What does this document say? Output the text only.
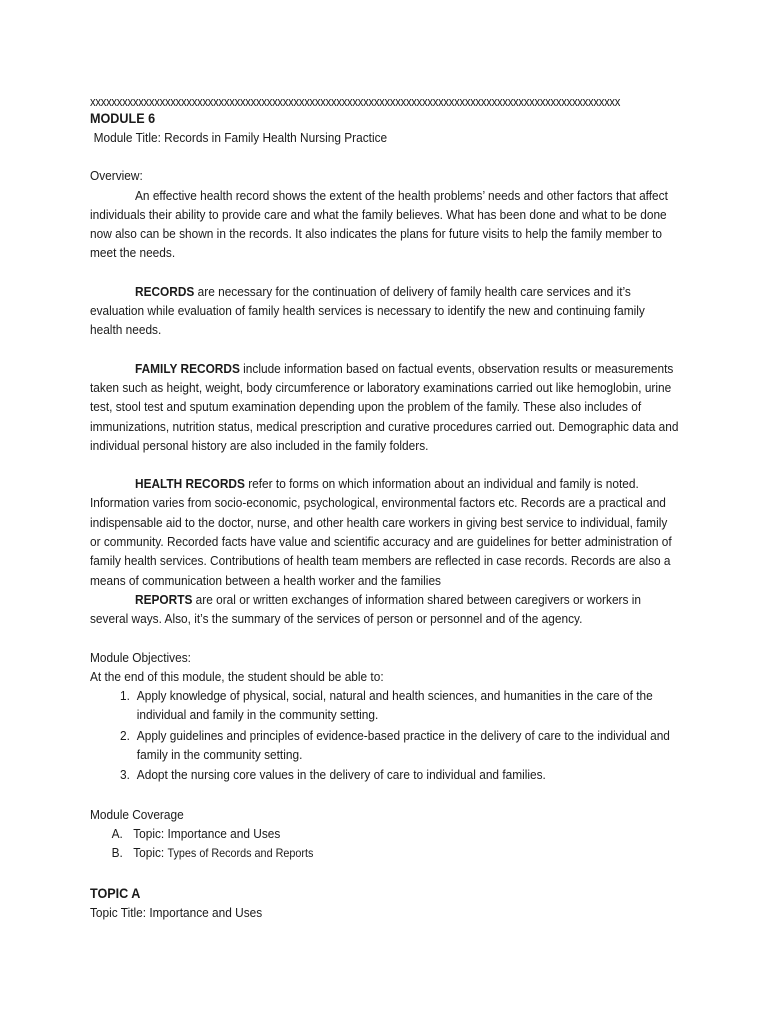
xxxxxxxxxxxxxxxxxxxxxxxxxxxxxxxxxxxxxxxxxxxxxxxxxxxxxxxxxxxxxxxxxxxxxxxxxxxxxxxxxxxxxxxxxxxxxxxxxxx
MODULE 6
Module Title: Records in Family Health Nursing Practice
Overview:

An effective health record shows the extent of the health problems’ needs and other factors that affect individuals their ability to provide care and what the family believes. What has been done and what to be done now also can be shown in the records. It also indicates the plans for future visits to help the family member to meet the needs.

RECORDS are necessary for the continuation of delivery of family health care services and it’s evaluation while evaluation of family health services is necessary to identify the new and continuing family health needs.

FAMILY RECORDS include information based on factual events, observation results or measurements taken such as height, weight, body circumference or laboratory examinations carried out like hemoglobin, urine test, stool test and sputum examination depending upon the problem of the family. These also includes of immunizations, nutrition status, medical prescription and curative procedures carried out. Demographic data and individual personal history are also included in the family folders.

HEALTH RECORDS refer to forms on which information about an individual and family is noted. Information varies from socio-economic, psychological, environmental factors etc. Records are a practical and indispensable aid to the doctor, nurse, and other health care workers in giving best service to individual, family or community. Recorded facts have value and scientific accuracy and are guidelines for better administration of family health services. Contributions of health team members are reflected in case records. Records are also a means of communication between a health worker and the families

REPORTS are oral or written exchanges of information shared between caregivers or workers in several ways. Also, it’s the summary of the services of person or personnel and of the agency.

Module Objectives:
At the end of this module, the student should be able to:
1. Apply knowledge of physical, social, natural and health sciences, and humanities in the care of the individual and family in the community setting.
2. Apply guidelines and principles of evidence-based practice in the delivery of care to the individual and family in the community setting.
3. Adopt the nursing core values in the delivery of care to individual and families.
Module Coverage
A. Topic: Importance and Uses
B. Topic: Types of Records and Reports
TOPIC A
Topic Title: Importance and Uses
